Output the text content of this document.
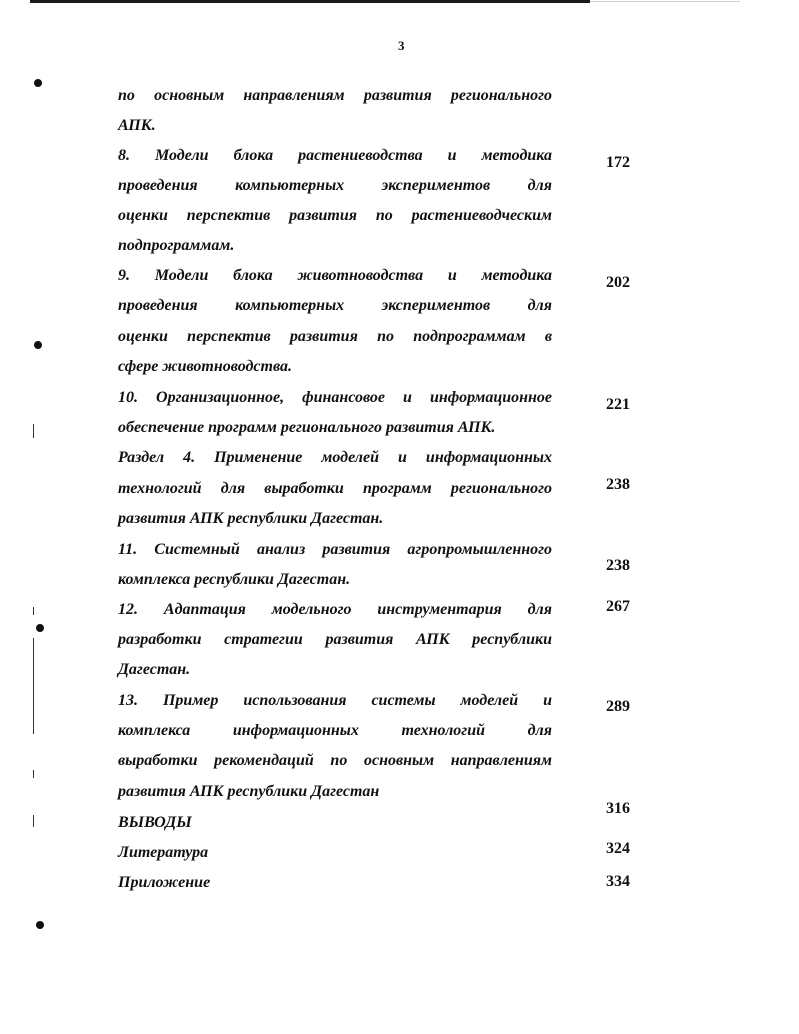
3
по основным направлениям развития регионального
АПК.
8. Модели блока растениеводства и методика
проведения компьютерных экспериментов для
оценки перспектив развития по растениеводческим
подпрограммам.
9. Модели блока животноводства и методика
проведения компьютерных экспериментов для
оценки перспектив развития по подпрограммам в
сфере животноводства.
10. Организационное, финансовое и информационное
обеспечение программ регионального развития АПК.
Раздел 4. Применение моделей и информационных
технологий для выработки программ регионального
развития АПК республики Дагестан.
11. Системный анализ развития агропромышленного
комплекса республики Дагестан.
12. Адаптация модельного инструментария для
разработки стратегии развития АПК республики
Дагестан.
13. Пример использования системы моделей и
комплекса информационных технологий для
выработки рекомендаций по основным направлениям
развития АПК республики Дагестан
ВЫВОДЫ
Литература
Приложение
172
202
221
238
238
267
289
316
324
334
